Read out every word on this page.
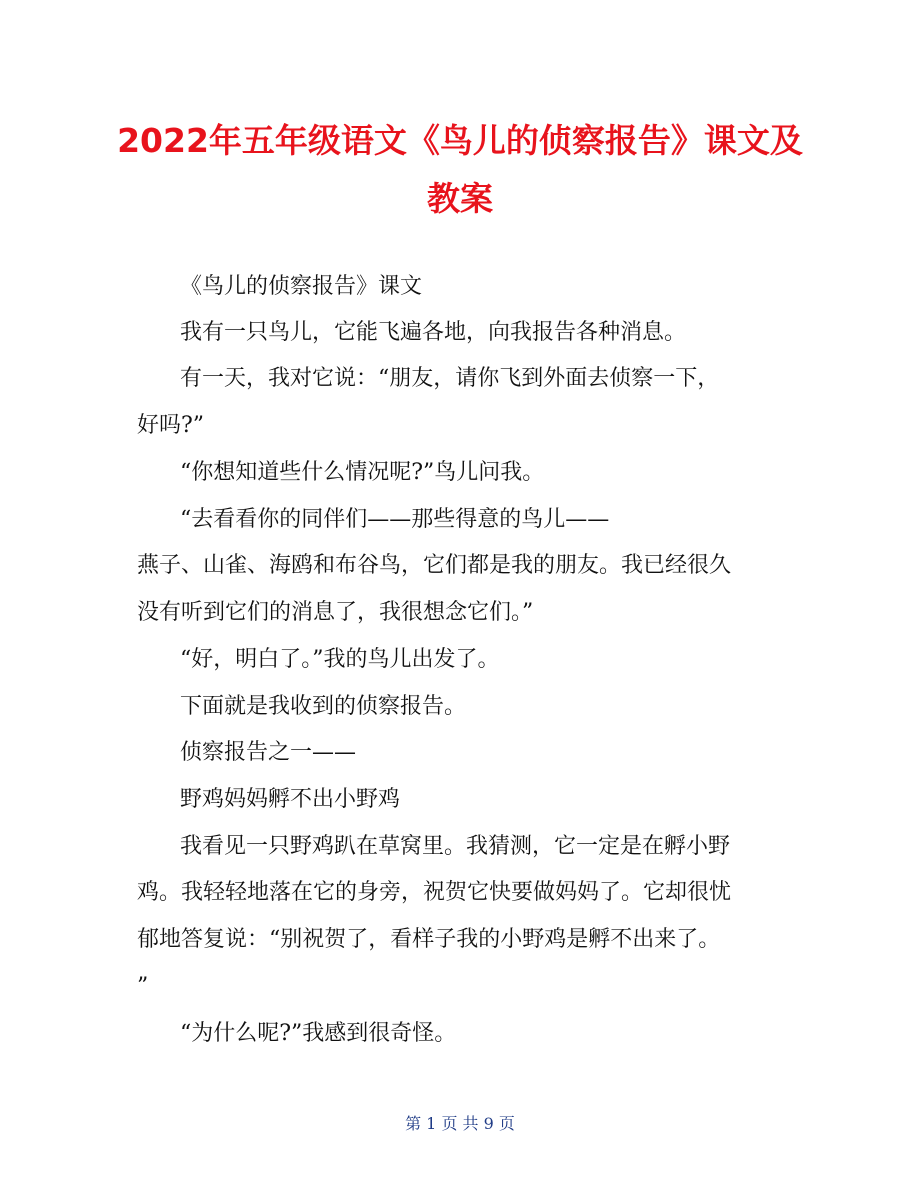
2022年五年级语文《鸟儿的侦察报告》课文及
教案

《鸟儿的侦察报告》课文

我有一只鸟儿，它能飞遍各地，向我报告各种消息。

有一天，我对它说：“朋友，请你飞到外面去侦察一下，

好吗?”

“你想知道些什么情况呢?”鸟儿问我。

“去看看你的同伴们——那些得意的鸟儿——

燕子、山雀、海鸥和布谷鸟，它们都是我的朋友。我已经很久

没有听到它们的消息了，我很想念它们。”

“好，明白了。”我的鸟儿出发了。

下面就是我收到的侦察报告。

侦察报告之一——

野鸡妈妈孵不出小野鸡

我看见一只野鸡趴在草窝里。我猜测，它一定是在孵小野

鸡。我轻轻地落在它的身旁，祝贺它快要做妈妈了。它却很忧

郁地答复说：“别祝贺了，看样子我的小野鸡是孵不出来了。

”

“为什么呢?”我感到很奇怪。

第 1 页 共 9 页
